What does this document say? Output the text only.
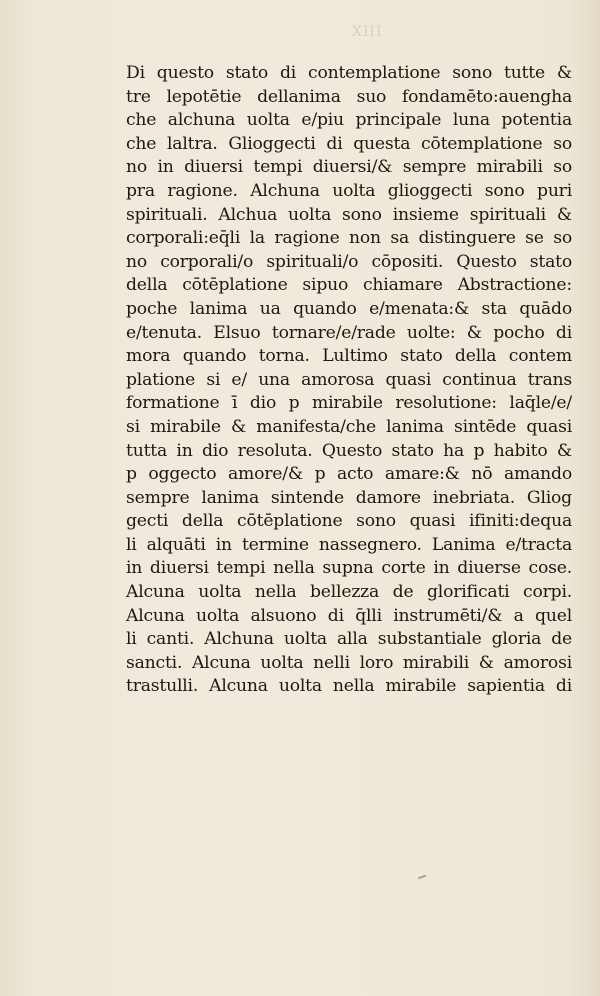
XIII
Di questo stato di contemplatione sono tutte &
tre lepotētie dellanima suo fondamēto:auengha
che alchuna uolta e/piu principale luna potentia
che laltra. Glioggecti di questa cōtemplatione so
no in diuersi tempi diuersi/& sempre mirabili so
pra ragione. Alchuna uolta glioggecti sono puri
spirituali. Alchua uolta sono insieme spirituali &
corporali:eq̄li la ragione non sa distinguere se so
no corporali/o spirituali/o cōpositi. Questo stato
della cōtēplatione sipuo chiamare Abstractione:
poche lanima ua quando e/menata:& sta quādo
e/tenuta. Elsuo tornare/e/rade uolte: & pocho di
mora quando torna. Lultimo stato della contem
platione si e/ una amorosa quasi continua trans
formatione ī dio p mirabile resolutione: laq̄le/e/
si mirabile & manifesta/che lanima sintēde quasi
tutta in dio resoluta. Questo stato ha p habito &
p oggecto amore/& p acto amare:& nō amando
sempre lanima sintende damore inebriata. Gliog
gecti della cōtēplatione sono quasi ifiniti:dequa
li alquāti in termine nassegnero. Lanima e/tracta
in diuersi tempi nella supna corte in diuerse cose.
Alcuna uolta nella bellezza de glorificati corpi.
Alcuna uolta alsuono di q̄lli instrumēti/& a quel
li canti. Alchuna uolta alla substantiale gloria de
sancti. Alcuna uolta nelli loro mirabili & amorosi
trastulli. Alcuna uolta nella mirabile sapientia di
